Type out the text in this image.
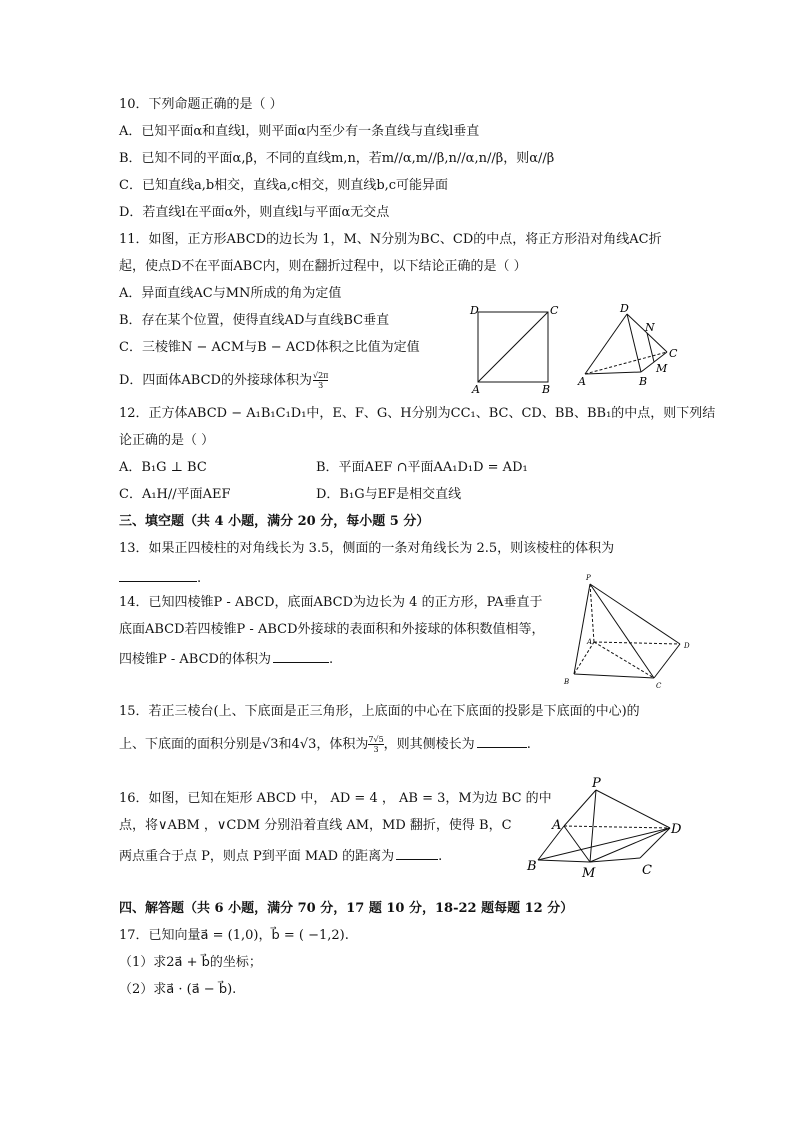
10．下列命题正确的是（ ）
A．已知平面α和直线l，则平面α内至少有一条直线与直线l垂直
B．已知不同的平面α,β，不同的直线m,n，若m//α,m//β,n//α,n//β，则α//β
C．已知直线a,b相交，直线a,c相交，则直线b,c可能异面
D．若直线l在平面α外，则直线l与平面α无交点
11．如图，正方形ABCD的边长为 1，M、N分别为BC、CD的中点，将正方形沿对角线AC折
起，使点D不在平面ABC内，则在翻折过程中，以下结论正确的是（ ）
A．异面直线AC与MN所成的角为定值
B．存在某个位置，使得直线AD与直线BC垂直
C．三棱锥N − ACM与B − ACD体积之比值为定值
D．四面体ABCD的外接球体积为 $\frac{√2\pi}{3}$
D	C
A	B
D
N
C
M
A	B
12．正方体ABCD − A₁B₁C₁D₁中，E、F、G、H分别为CC₁、BC、CD、BB、BB₁的中点，则下列结
论正确的是（ ）
A．B₁G ⊥ BC	B．平面AEF ∩平面AA₁D₁D = AD₁
C．A₁H//平面AEF	D．B₁G与EF是相交直线
三、填空题（共 4 小题，满分 20 分，每小题 5 分）
13．如果正四棱柱的对角线长为 3.5，侧面的一条对角线长为 2.5，则该棱柱的体积为
.
14．已知四棱锥P - ABCD，底面ABCD为边长为 4 的正方形，PA垂直于
底面ABCD若四棱锥P - ABCD外接球的表面积和外接球的体积数值相等，
四棱锥P - ABCD的体积为	.
P
A	D
B	C
15．若正三棱台(上、下底面是正三角形，上底面的中心在下底面的投影是下底面的中心)的
上、下底面的面积分别是√3和4√3，体积为 $\frac{7√5}{3}$ ，则其侧棱长为	.
16．如图，已知在矩形 ABCD 中， AD = 4 ， AB = 3，M为边 BC 的中
点，将∨ABM ，∨CDM 分别沿着直线 AM，MD 翻折，使得 B，C
两点重合于点 P，则点 P到平面 MAD 的距离为	.
P
A	D
B	M	C
四、解答题（共 6 小题，满分 70 分，17 题 10 分，18-22 题每题 12 分）
17．已知向量a⃗ = (1,0)，b⃗ = ( −1,2).
（1）求2a⃗ + b⃗的坐标；
（2）求a⃗ · (a⃗ − b⃗).
